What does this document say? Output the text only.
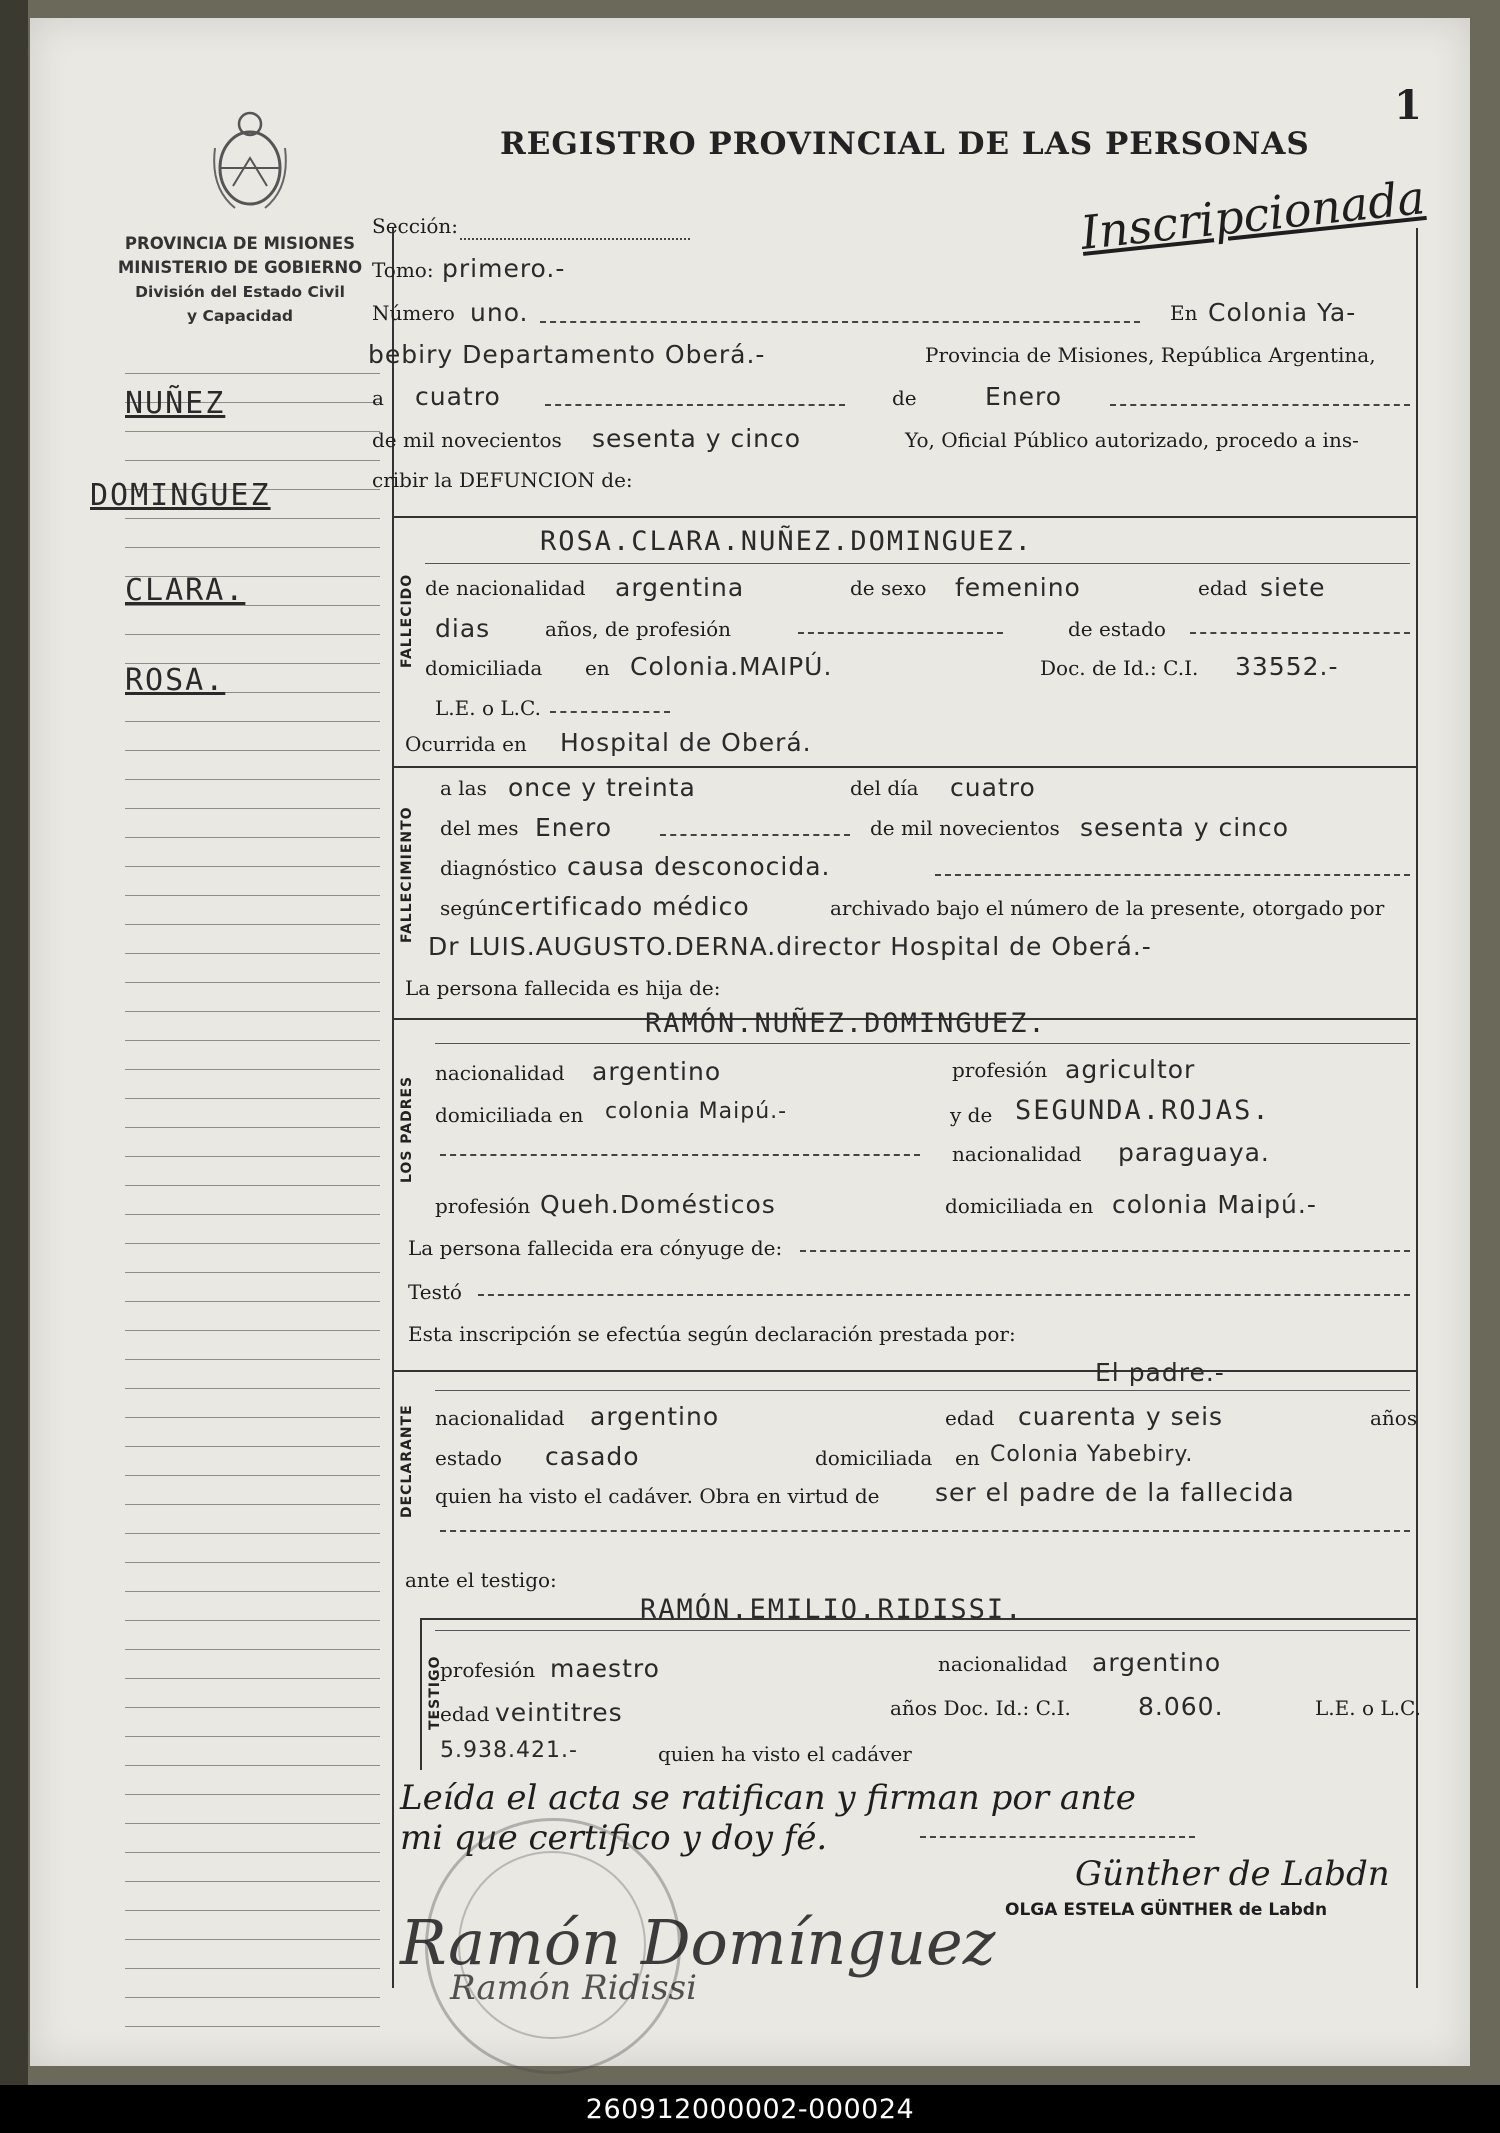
1
REGISTRO PROVINCIAL DE LAS PERSONAS
Inscripcionada
PROVINCIA DE MISIONES
MINISTERIO DE GOBIERNO
División del Estado Civil
y Capacidad
NUÑEZ
DOMINGUEZ
CLARA.
ROSA.
Sección:
Tomo: primero.-
Número uno.	En Colonia Ya-
bebiry Departamento Oberá.-	Provincia de Misiones, República Argentina,
a cuatro	de	Enero
de mil novecientos sesenta y cinco	Yo, Oficial Público autorizado, procedo a ins-
cribir la DEFUNCION de:
FALLECIDO
ROSA.CLARA.NUÑEZ.DOMINGUEZ.
de nacionalidad argentina	de sexo femenino	edad siete
dias	años, de profesión	de estado
domiciliada en Colonia.MAIPÚ.	Doc. de Id.: C.I. 33552.-
L.E. o L.C.
Ocurrida en Hospital de Oberá.
FALLECIMIENTO
a las once y treinta	del día cuatro
del mes Enero	de mil novecientos sesenta y cinco
diagnóstico causa desconocida.
según certificado médico	archivado bajo el número de la presente, otorgado por
Dr LUIS.AUGUSTO.DERNA.director Hospital de Oberá.-
La persona fallecida es hija de:
LOS PADRES
RAMÓN.NUÑEZ.DOMINGUEZ.
nacionalidad argentino	profesión agricultor
domiciliada en colonia Maipú.-	y de SEGUNDA.ROJAS.
nacionalidad paraguaya.
profesión Queh.Domésticos	domiciliada en colonia Maipú.-
La persona fallecida era cónyuge de:
Testó
Esta inscripción se efectúa según declaración prestada por:
DECLARANTE
El padre.-
nacionalidad argentino	edad cuarenta y seis	años
estado casado	domiciliada en Colonia Yabebiry.
quien ha visto el cadáver. Obra en virtud de ser el padre de la fallecida
ante el testigo:
TESTIGO
RAMÓN.EMILIO.RIDISSI.
profesión maestro	nacionalidad argentino
edad veintitres	años Doc. Id.: C.I.	8.060.	L.E. o L.C.
5.938.421.-	quien ha visto el cadáver
Leída el acta se ratifican y firman por ante
mi que certifico y doy fé.
Günther de Labdn
OLGA ESTELA GÜNTHER de Labdn
Ramón Domínguez
Ramón Ridissi
260912000002-000024
